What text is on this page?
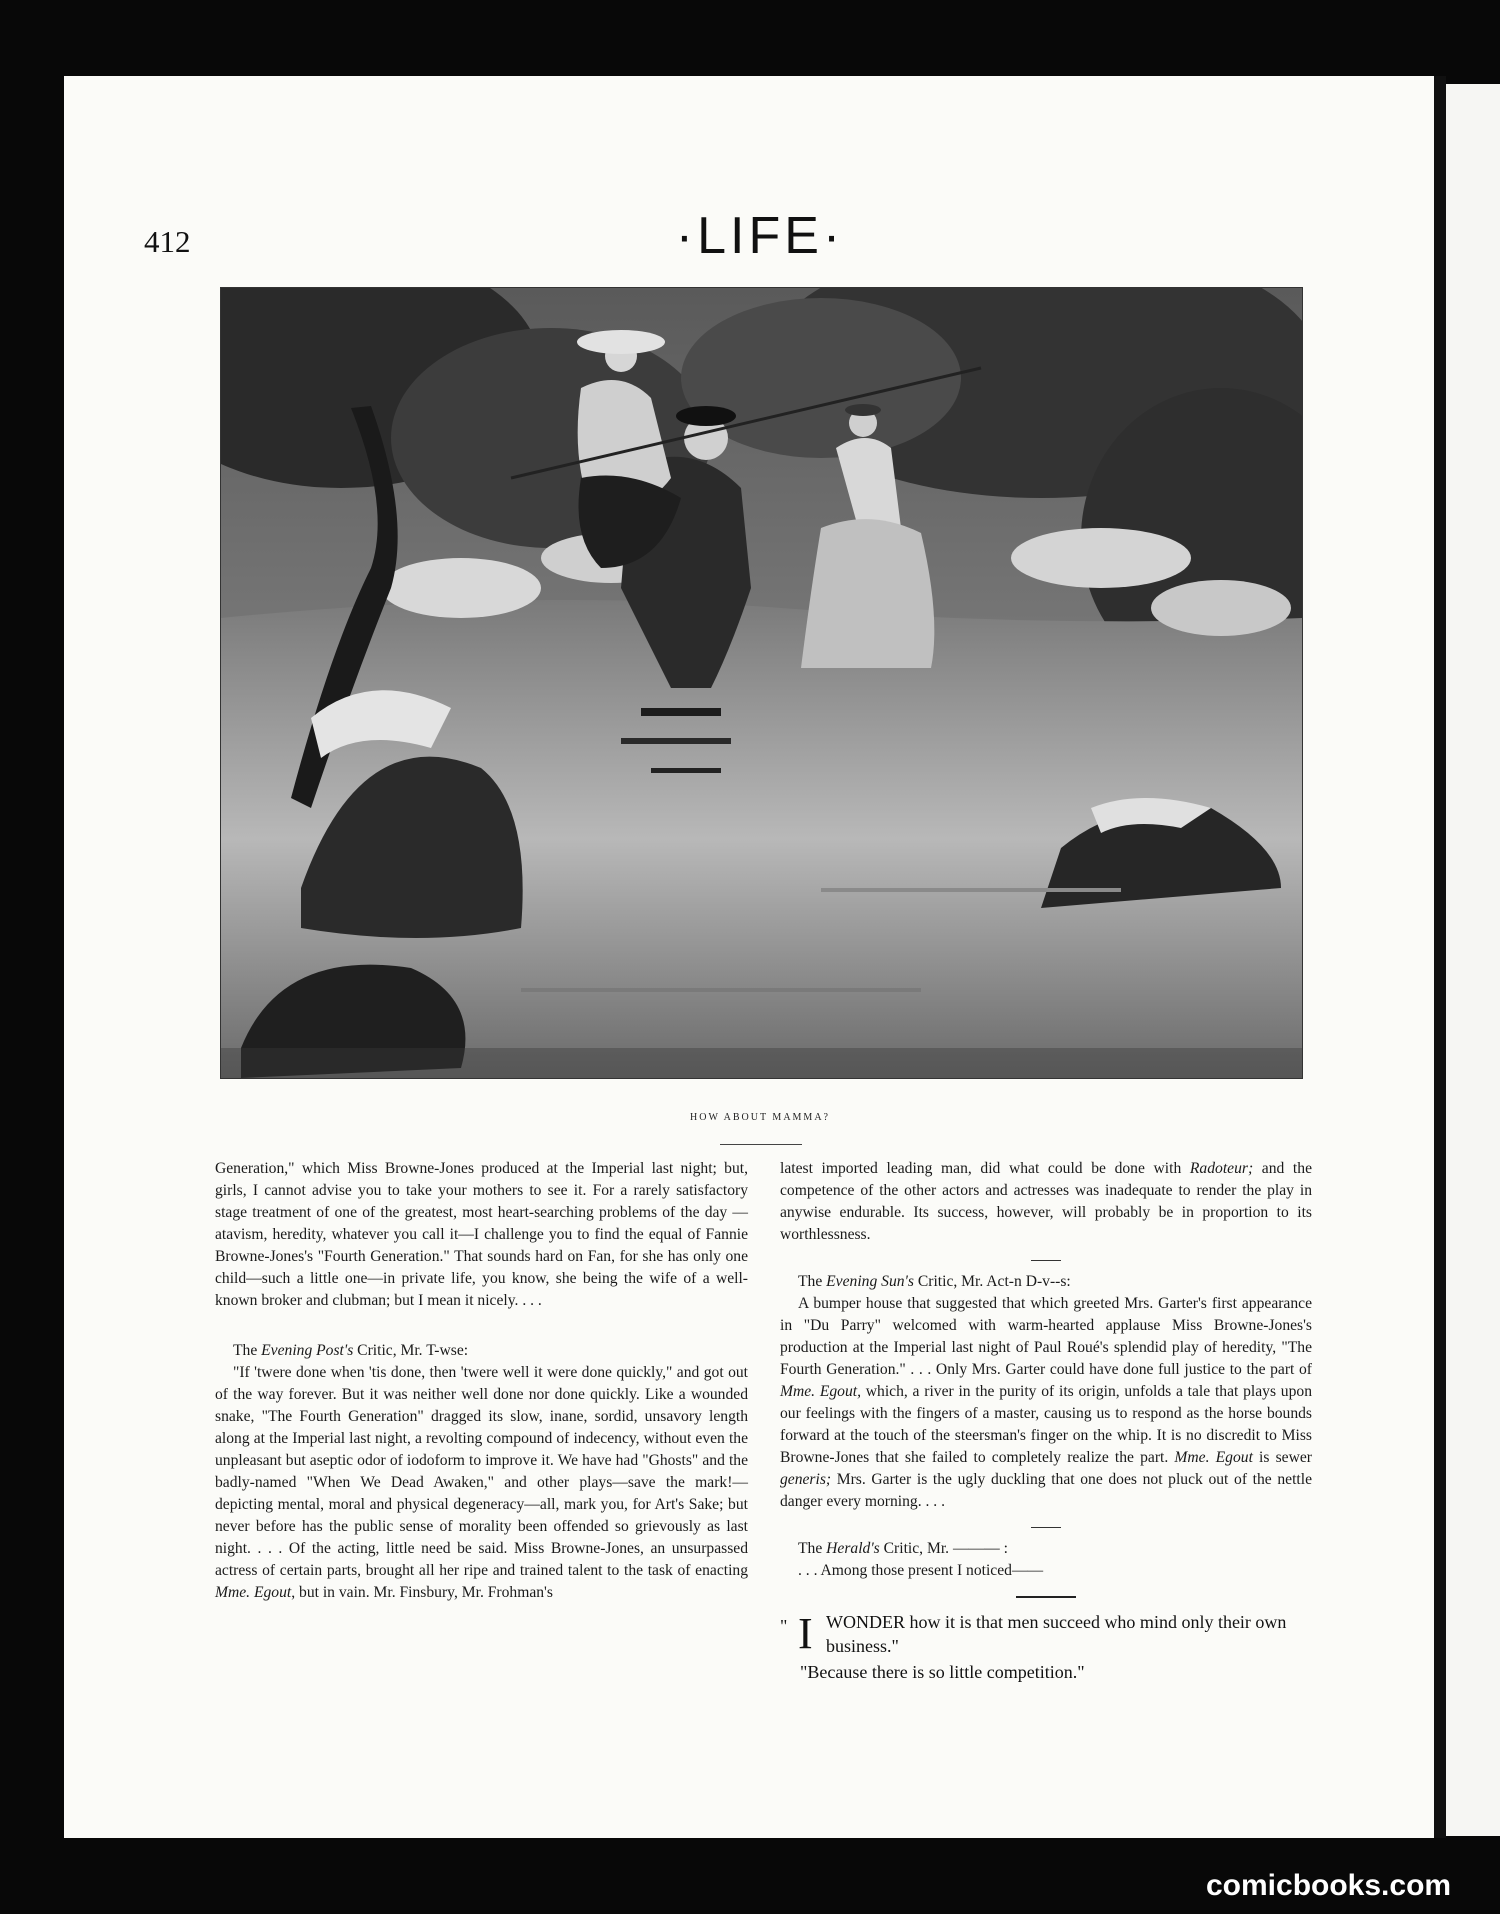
412	·LIFE·
HOW ABOUT MAMMA?

Generation," which Miss Browne-Jones produced at the Imperial last night; but, girls, I cannot advise you to take your mothers to see it. For a rarely satisfactory stage treatment of one of the greatest, most heart-searching problems of the day — atavism, heredity, whatever you call it—I challenge you to find the equal of Fannie Browne-Jones's "Fourth Generation." That sounds hard on Fan, for she has only one child—such a little one—in private life, you know, she being the wife of a well-known broker and clubman; but I mean it nicely. . . .

The Evening Post's Critic, Mr. T-wse:

"If 'twere done when 'tis done, then 'twere well it were done quickly," and got out of the way forever. But it was neither well done nor done quickly. Like a wounded snake, "The Fourth Generation" dragged its slow, inane, sordid, unsavory length along at the Imperial last night, a revolting compound of indecency, without even the unpleasant but aseptic odor of iodoform to improve it. We have had "Ghosts" and the badly-named "When We Dead Awaken," and other plays—save the mark!—depicting mental, moral and physical degeneracy—all, mark you, for Art's Sake; but never before has the public sense of morality been offended so grievously as last night. . . . Of the acting, little need be said. Miss Browne-Jones, an unsurpassed actress of certain parts, brought all her ripe and trained talent to the task of enacting Mme. Egout, but in vain. Mr. Finsbury, Mr. Frohman's

latest imported leading man, did what could be done with Radoteur; and the competence of the other actors and actresses was inadequate to render the play in anywise endurable. Its success, however, will probably be in proportion to its worthlessness.

The Evening Sun's Critic, Mr. Act-n D-v--s:

A bumper house that suggested that which greeted Mrs. Garter's first appearance in "Du Parry" welcomed with warm-hearted applause Miss Browne-Jones's production at the Imperial last night of Paul Roué's splendid play of heredity, "The Fourth Generation." . . . Only Mrs. Garter could have done full justice to the part of Mme. Egout, which, a river in the purity of its origin, unfolds a tale that plays upon our feelings with the fingers of a master, causing us to respond as the horse bounds forward at the touch of the steersman's finger on the whip. It is no discredit to Miss Browne-Jones that she failed to completely realize the part. Mme. Egout is sewer generis; Mrs. Garter is the ugly duckling that one does not pluck out of the nettle danger every morning. . . .

The Herald's Critic, Mr. ——— :

. . . Among those present I noticed——

" I WONDER how it is that men succeed who mind only their own business."
"Because there is so little competition."
comicbooks.com
